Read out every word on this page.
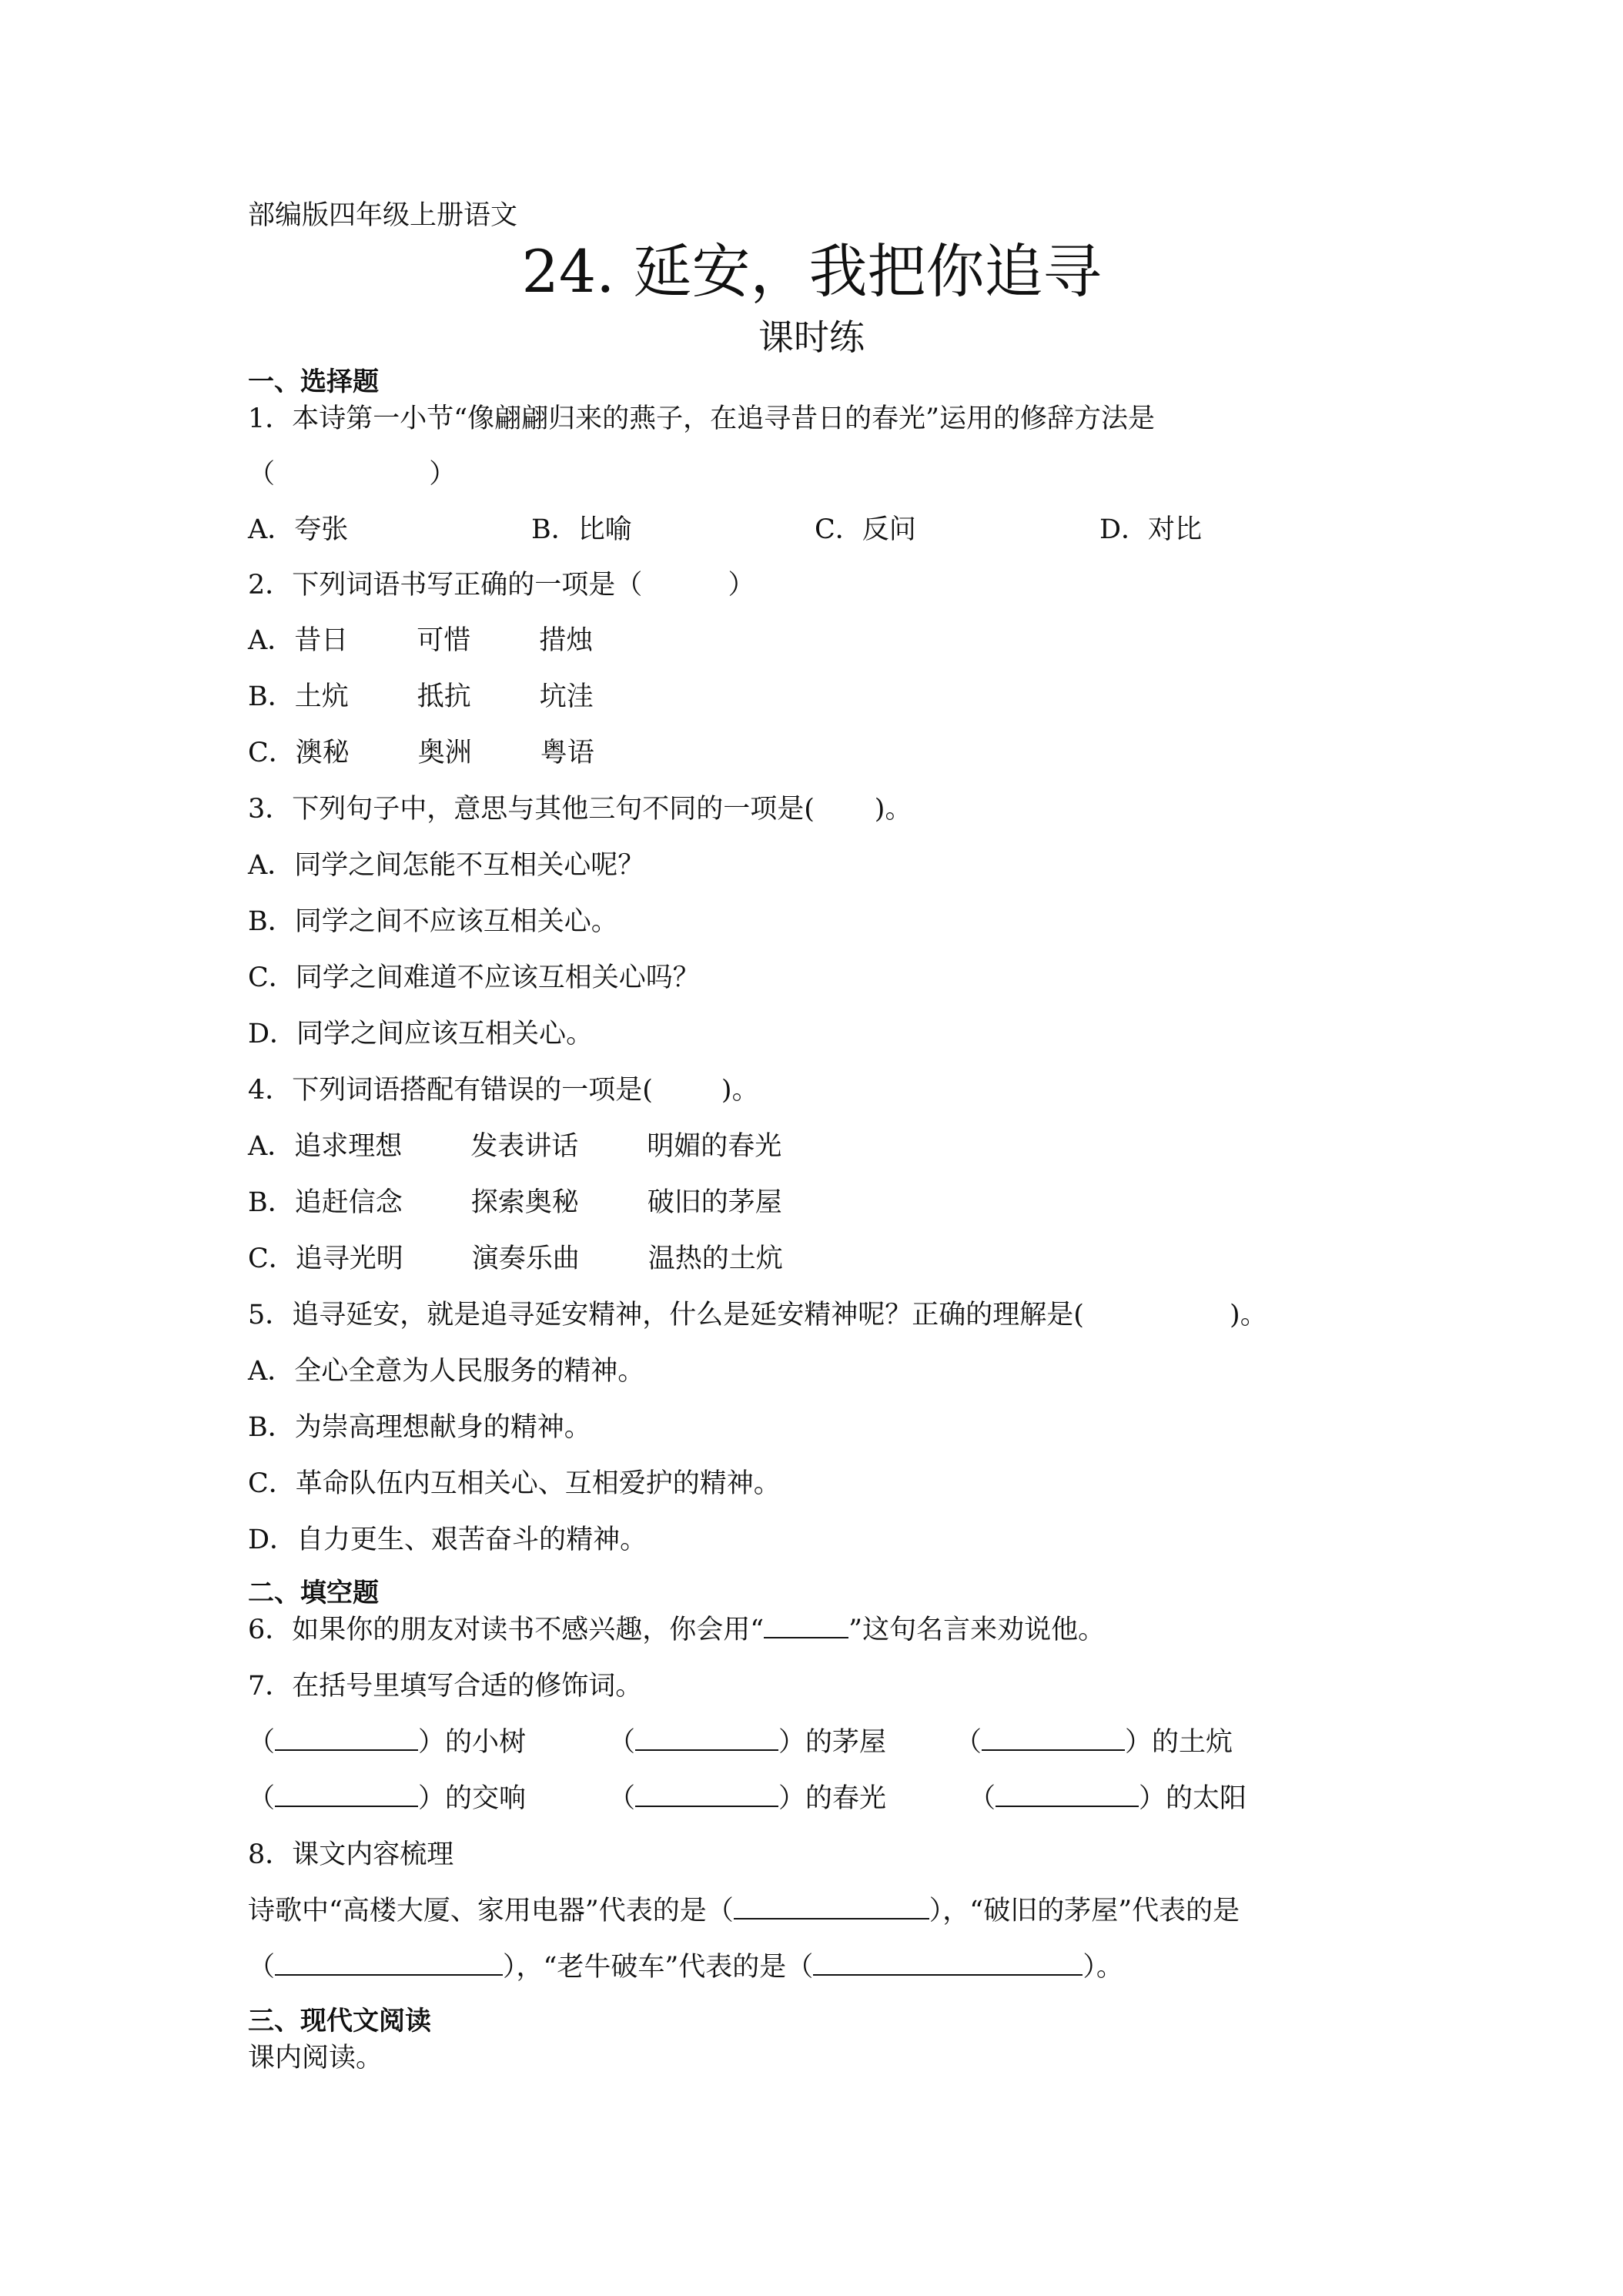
部编版四年级上册语文
24. 延安，我把你追寻
课时练
一、选择题
1．本诗第一小节“像翩翩归来的燕子，在追寻昔日的春光”运用的修辞方法是
（                  ）
A．夸张	B．比喻	C．反问	D．对比
2．下列词语书写正确的一项是（          ）
A．昔日        可惜        措烛
B．土炕        抵抗        坑洼
C．澳秘        奥洲        粤语
3．下列句子中，意思与其他三句不同的一项是(       )。
A．同学之间怎能不互相关心呢？
B．同学之间不应该互相关心。
C．同学之间难道不应该互相关心吗？
D．同学之间应该互相关心。
4．下列词语搭配有错误的一项是(        )。
A．追求理想        发表讲话        明媚的春光
B．追赶信念        探索奥秘        破旧的茅屋
C．追寻光明        演奏乐曲        温热的土炕
5．追寻延安，就是追寻延安精神，什么是延安精神呢？正确的理解是(                 )。
A．全心全意为人民服务的精神。
B．为崇高理想献身的精神。
C．革命队伍内互相关心、互相爱护的精神。
D．自力更生、艰苦奋斗的精神。
二、填空题
6．如果你的朋友对读书不感兴趣，你会用“	”这句名言来劝说他。
7．在括号里填写合适的修饰词。
（	）的小树	（	）的茅屋	（	）的土炕
（	）的交响	（	）的春光	（	）的太阳
8．课文内容梳理
诗歌中“高楼大厦、家用电器”代表的是（	），“破旧的茅屋”代表的是
（	），“老牛破车”代表的是（	）。
三、现代文阅读
课内阅读。
